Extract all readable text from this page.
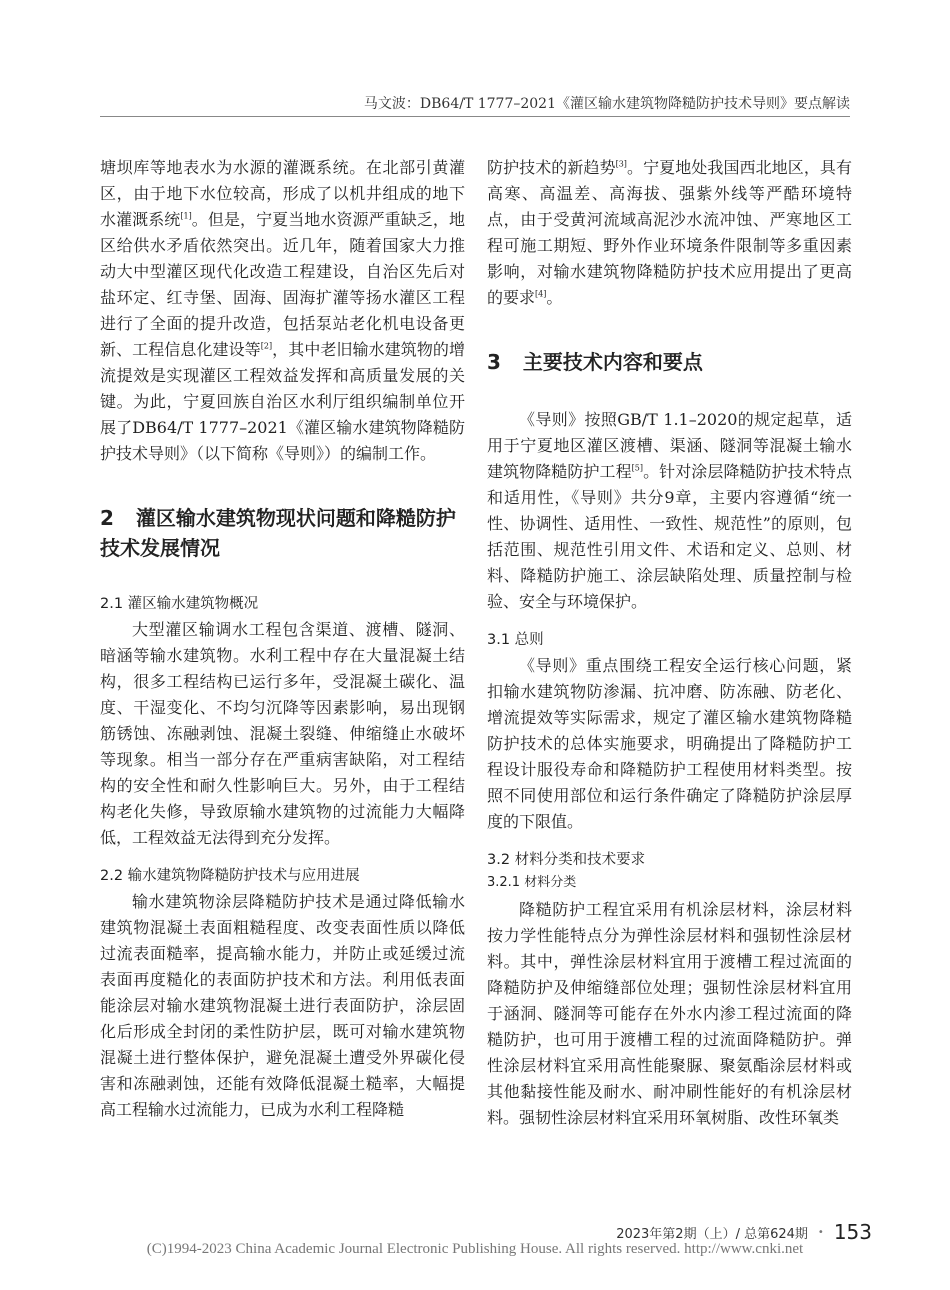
马文波：DB64/T 1777–2021《灌区输水建筑物降糙防护技术导则》要点解读

塘坝库等地表水为水源的灌溉系统。在北部引黄灌区，由于地下水位较高，形成了以机井组成的地下水灌溉系统[1]。但是，宁夏当地水资源严重缺乏，地区给供水矛盾依然突出。近几年，随着国家大力推动大中型灌区现代化改造工程建设，自治区先后对盐环定、红寺堡、固海、固海扩灌等扬水灌区工程进行了全面的提升改造，包括泵站老化机电设备更新、工程信息化建设等[2]，其中老旧输水建筑物的增流提效是实现灌区工程效益发挥和高质量发展的关键。为此，宁夏回族自治区水利厅组织编制单位开展了DB64/T 1777–2021《灌区输水建筑物降糙防护技术导则》（以下简称《导则》）的编制工作。

2 灌区输水建筑物现状问题和降糙防护技术发展情况
2.1 灌区输水建筑物概况

大型灌区输调水工程包含渠道、渡槽、隧洞、暗涵等输水建筑物。水利工程中存在大量混凝土结构，很多工程结构已运行多年，受混凝土碳化、温度、干湿变化、不均匀沉降等因素影响，易出现钢筋锈蚀、冻融剥蚀、混凝土裂缝、伸缩缝止水破坏等现象。相当一部分存在严重病害缺陷，对工程结构的安全性和耐久性影响巨大。另外，由于工程结构老化失修，导致原输水建筑物的过流能力大幅降低，工程效益无法得到充分发挥。

2.2 输水建筑物降糙防护技术与应用进展

输水建筑物涂层降糙防护技术是通过降低输水建筑物混凝土表面粗糙程度、改变表面性质以降低过流表面糙率，提高输水能力，并防止或延缓过流表面再度糙化的表面防护技术和方法。利用低表面能涂层对输水建筑物混凝土进行表面防护，涂层固化后形成全封闭的柔性防护层，既可对输水建筑物混凝土进行整体保护，避免混凝土遭受外界碳化侵害和冻融剥蚀，还能有效降低混凝土糙率，大幅提高工程输水过流能力，已成为水利工程降糙

防护技术的新趋势[3]。宁夏地处我国西北地区，具有高寒、高温差、高海拔、强紫外线等严酷环境特点，由于受黄河流域高泥沙水流冲蚀、严寒地区工程可施工期短、野外作业环境条件限制等多重因素影响，对输水建筑物降糙防护技术应用提出了更高的要求[4]。

3 主要技术内容和要点

《导则》按照GB/T 1.1–2020的规定起草，适用于宁夏地区灌区渡槽、渠涵、隧洞等混凝土输水建筑物降糙防护工程[5]。针对涂层降糙防护技术特点和适用性，《导则》共分9章，主要内容遵循“统一性、协调性、适用性、一致性、规范性”的原则，包括范围、规范性引用文件、术语和定义、总则、材料、降糙防护施工、涂层缺陷处理、质量控制与检验、安全与环境保护。

3.1 总则

《导则》重点围绕工程安全运行核心问题，紧扣输水建筑物防渗漏、抗冲磨、防冻融、防老化、增流提效等实际需求，规定了灌区输水建筑物降糙防护技术的总体实施要求，明确提出了降糙防护工程设计服役寿命和降糙防护工程使用材料类型。按照不同使用部位和运行条件确定了降糙防护涂层厚度的下限值。

3.2 材料分类和技术要求
3.2.1 材料分类

降糙防护工程宜采用有机涂层材料，涂层材料按力学性能特点分为弹性涂层材料和强韧性涂层材料。其中，弹性涂层材料宜用于渡槽工程过流面的降糙防护及伸缩缝部位处理；强韧性涂层材料宜用于涵洞、隧洞等可能存在外水内渗工程过流面的降糙防护，也可用于渡槽工程的过流面降糙防护。弹性涂层材料宜采用高性能聚脲、聚氨酯涂层材料或其他黏接性能及耐水、耐冲刷性能好的有机涂层材料。强韧性涂层材料宜采用环氧树脂、改性环氧类

2023年第2期（上）/ 总第624期 • 153
(C)1994-2023 China Academic Journal Electronic Publishing House. All rights reserved. http://www.cnki.net
